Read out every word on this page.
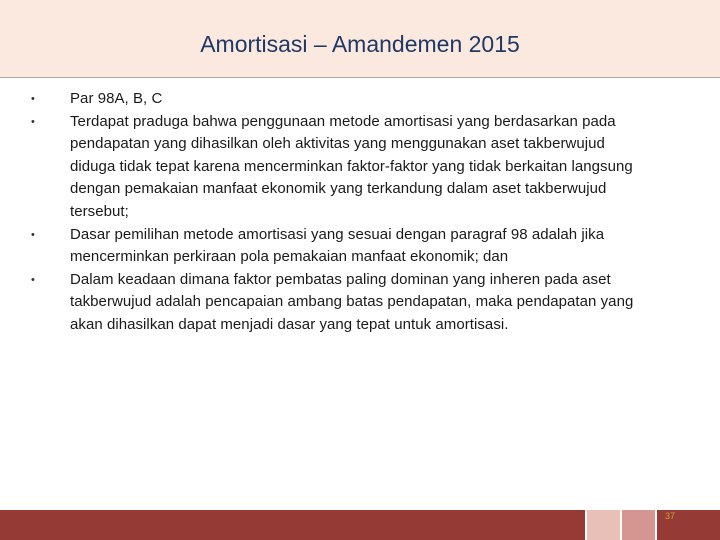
Amortisasi – Amandemen 2015
• Par 98A, B, C
• Terdapat praduga bahwa penggunaan metode amortisasi yang berdasarkan pada pendapatan yang dihasilkan oleh aktivitas yang menggunakan aset takberwujud diduga tidak tepat karena mencerminkan faktor-faktor yang tidak berkaitan langsung dengan pemakaian manfaat ekonomik yang terkandung dalam aset takberwujud tersebut;
• Dasar pemilihan metode amortisasi yang sesuai dengan paragraf 98 adalah jika mencerminkan perkiraan pola pemakaian manfaat ekonomik; dan
• Dalam keadaan dimana faktor pembatas paling dominan yang inheren pada aset takberwujud adalah pencapaian ambang batas pendapatan, maka pendapatan yang akan dihasilkan dapat menjadi dasar yang tepat untuk amortisasi.
37
